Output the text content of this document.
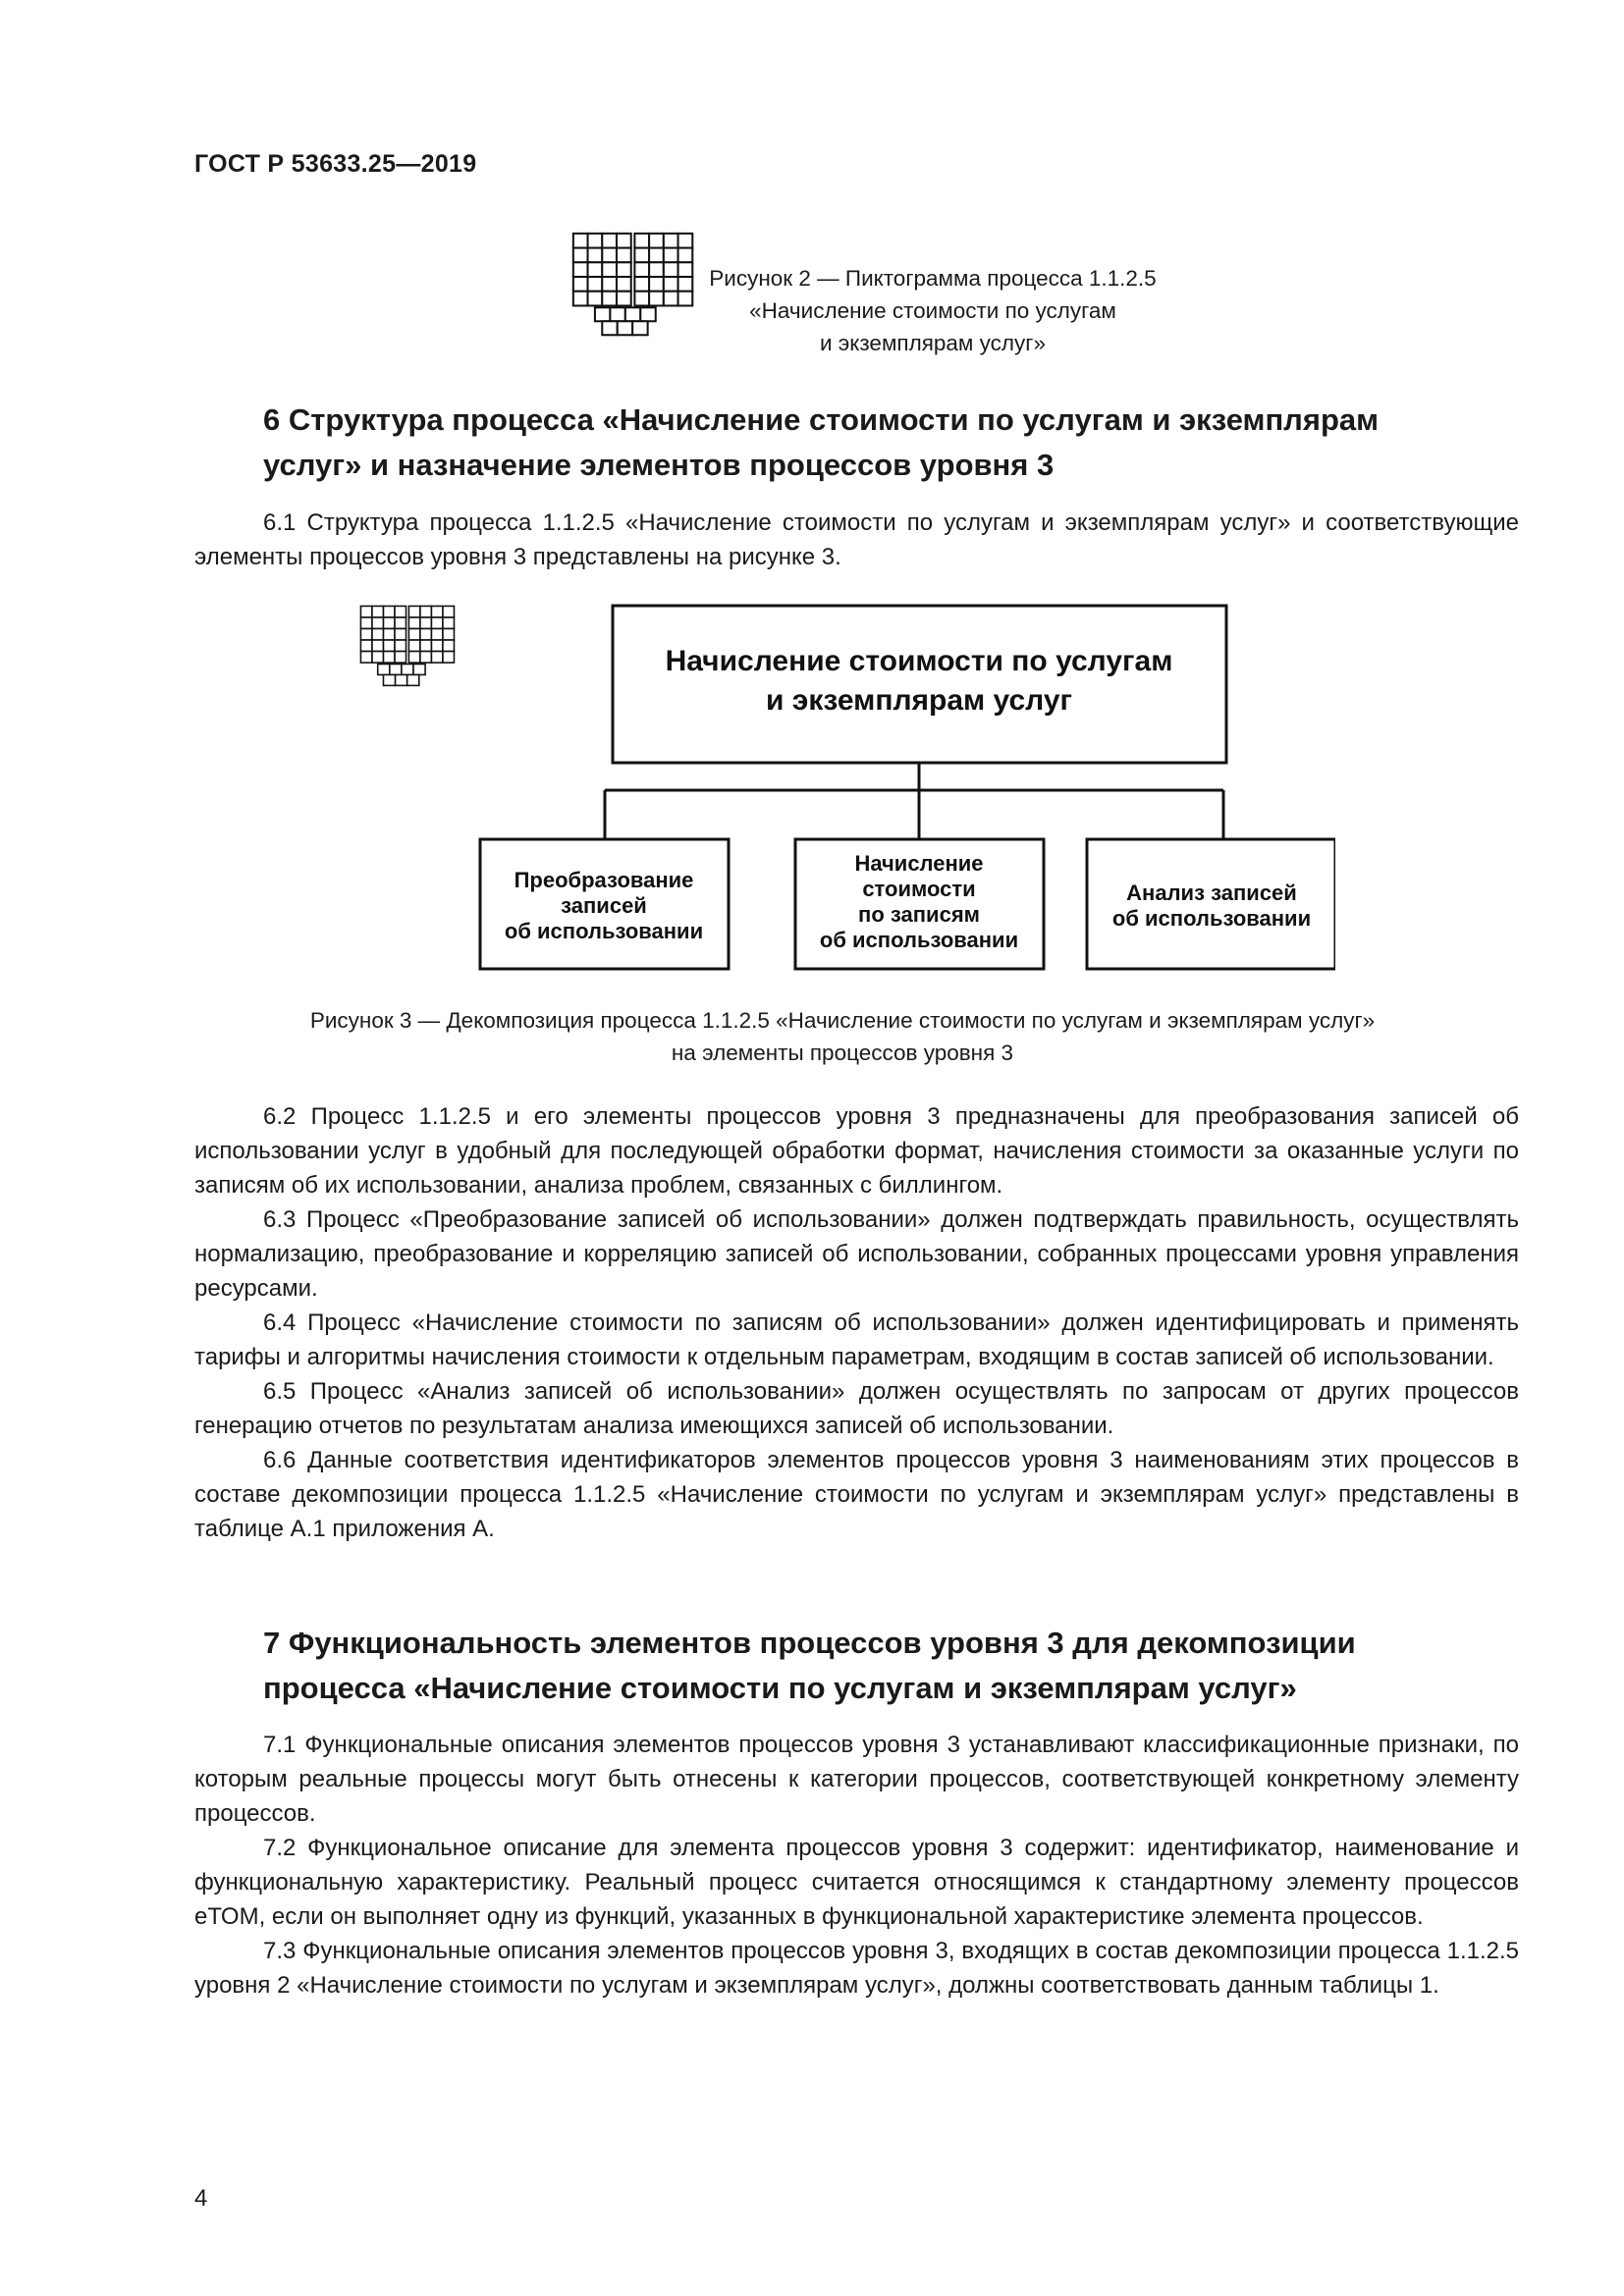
ГОСТ Р 53633.25—2019
Рисунок 2 — Пиктограмма процесса 1.1.2.5
«Начисление стоимости по услугам
и экземплярам услуг»
6 Структура процесса «Начисление стоимости по услугам и экземплярам
услуг» и назначение элементов процессов уровня 3

6.1 Структура процесса 1.1.2.5 «Начисление стоимости по услугам и экземплярам услуг» и соответствующие элементы процессов уровня 3 представлены на рисунке 3.

Начисление стоимости по услугам
и экземплярам услуг
Преобразование
записей
об использовании
Начисление
стоимости
по записям
об использовании
Анализ записей
об использовании
Рисунок 3 — Декомпозиция процесса 1.1.2.5 «Начисление стоимости по услугам и экземплярам услуг»
на элементы процессов уровня 3

6.2 Процесс 1.1.2.5 и его элементы процессов уровня 3 предназначены для преобразования записей об использовании услуг в удобный для последующей обработки формат, начисления стоимости за оказанные услуги по записям об их использовании, анализа проблем, связанных с биллингом.

6.3 Процесс «Преобразование записей об использовании» должен подтверждать правильность, осуществлять нормализацию, преобразование и корреляцию записей об использовании, собранных процессами уровня управления ресурсами.

6.4 Процесс «Начисление стоимости по записям об использовании» должен идентифицировать и применять тарифы и алгоритмы начисления стоимости к отдельным параметрам, входящим в состав записей об использовании.

6.5 Процесс «Анализ записей об использовании» должен осуществлять по запросам от других процессов генерацию отчетов по результатам анализа имеющихся записей об использовании.

6.6 Данные соответствия идентификаторов элементов процессов уровня 3 наименованиям этих процессов в составе декомпозиции процесса 1.1.2.5 «Начисление стоимости по услугам и экземплярам услуг» представлены в таблице А.1 приложения А.

7 Функциональность элементов процессов уровня 3 для декомпозиции
процесса «Начисление стоимости по услугам и экземплярам услуг»

7.1 Функциональные описания элементов процессов уровня 3 устанавливают классификационные признаки, по которым реальные процессы могут быть отнесены к категории процессов, соответствующей конкретному элементу процессов.

7.2 Функциональное описание для элемента процессов уровня 3 содержит: идентификатор, наименование и функциональную характеристику. Реальный процесс считается относящимся к стандартному элементу процессов еТОМ, если он выполняет одну из функций, указанных в функциональной характеристике элемента процессов.

7.3 Функциональные описания элементов процессов уровня 3, входящих в состав декомпозиции процесса 1.1.2.5 уровня 2 «Начисление стоимости по услугам и экземплярам услуг», должны соответствовать данным таблицы 1.

4
